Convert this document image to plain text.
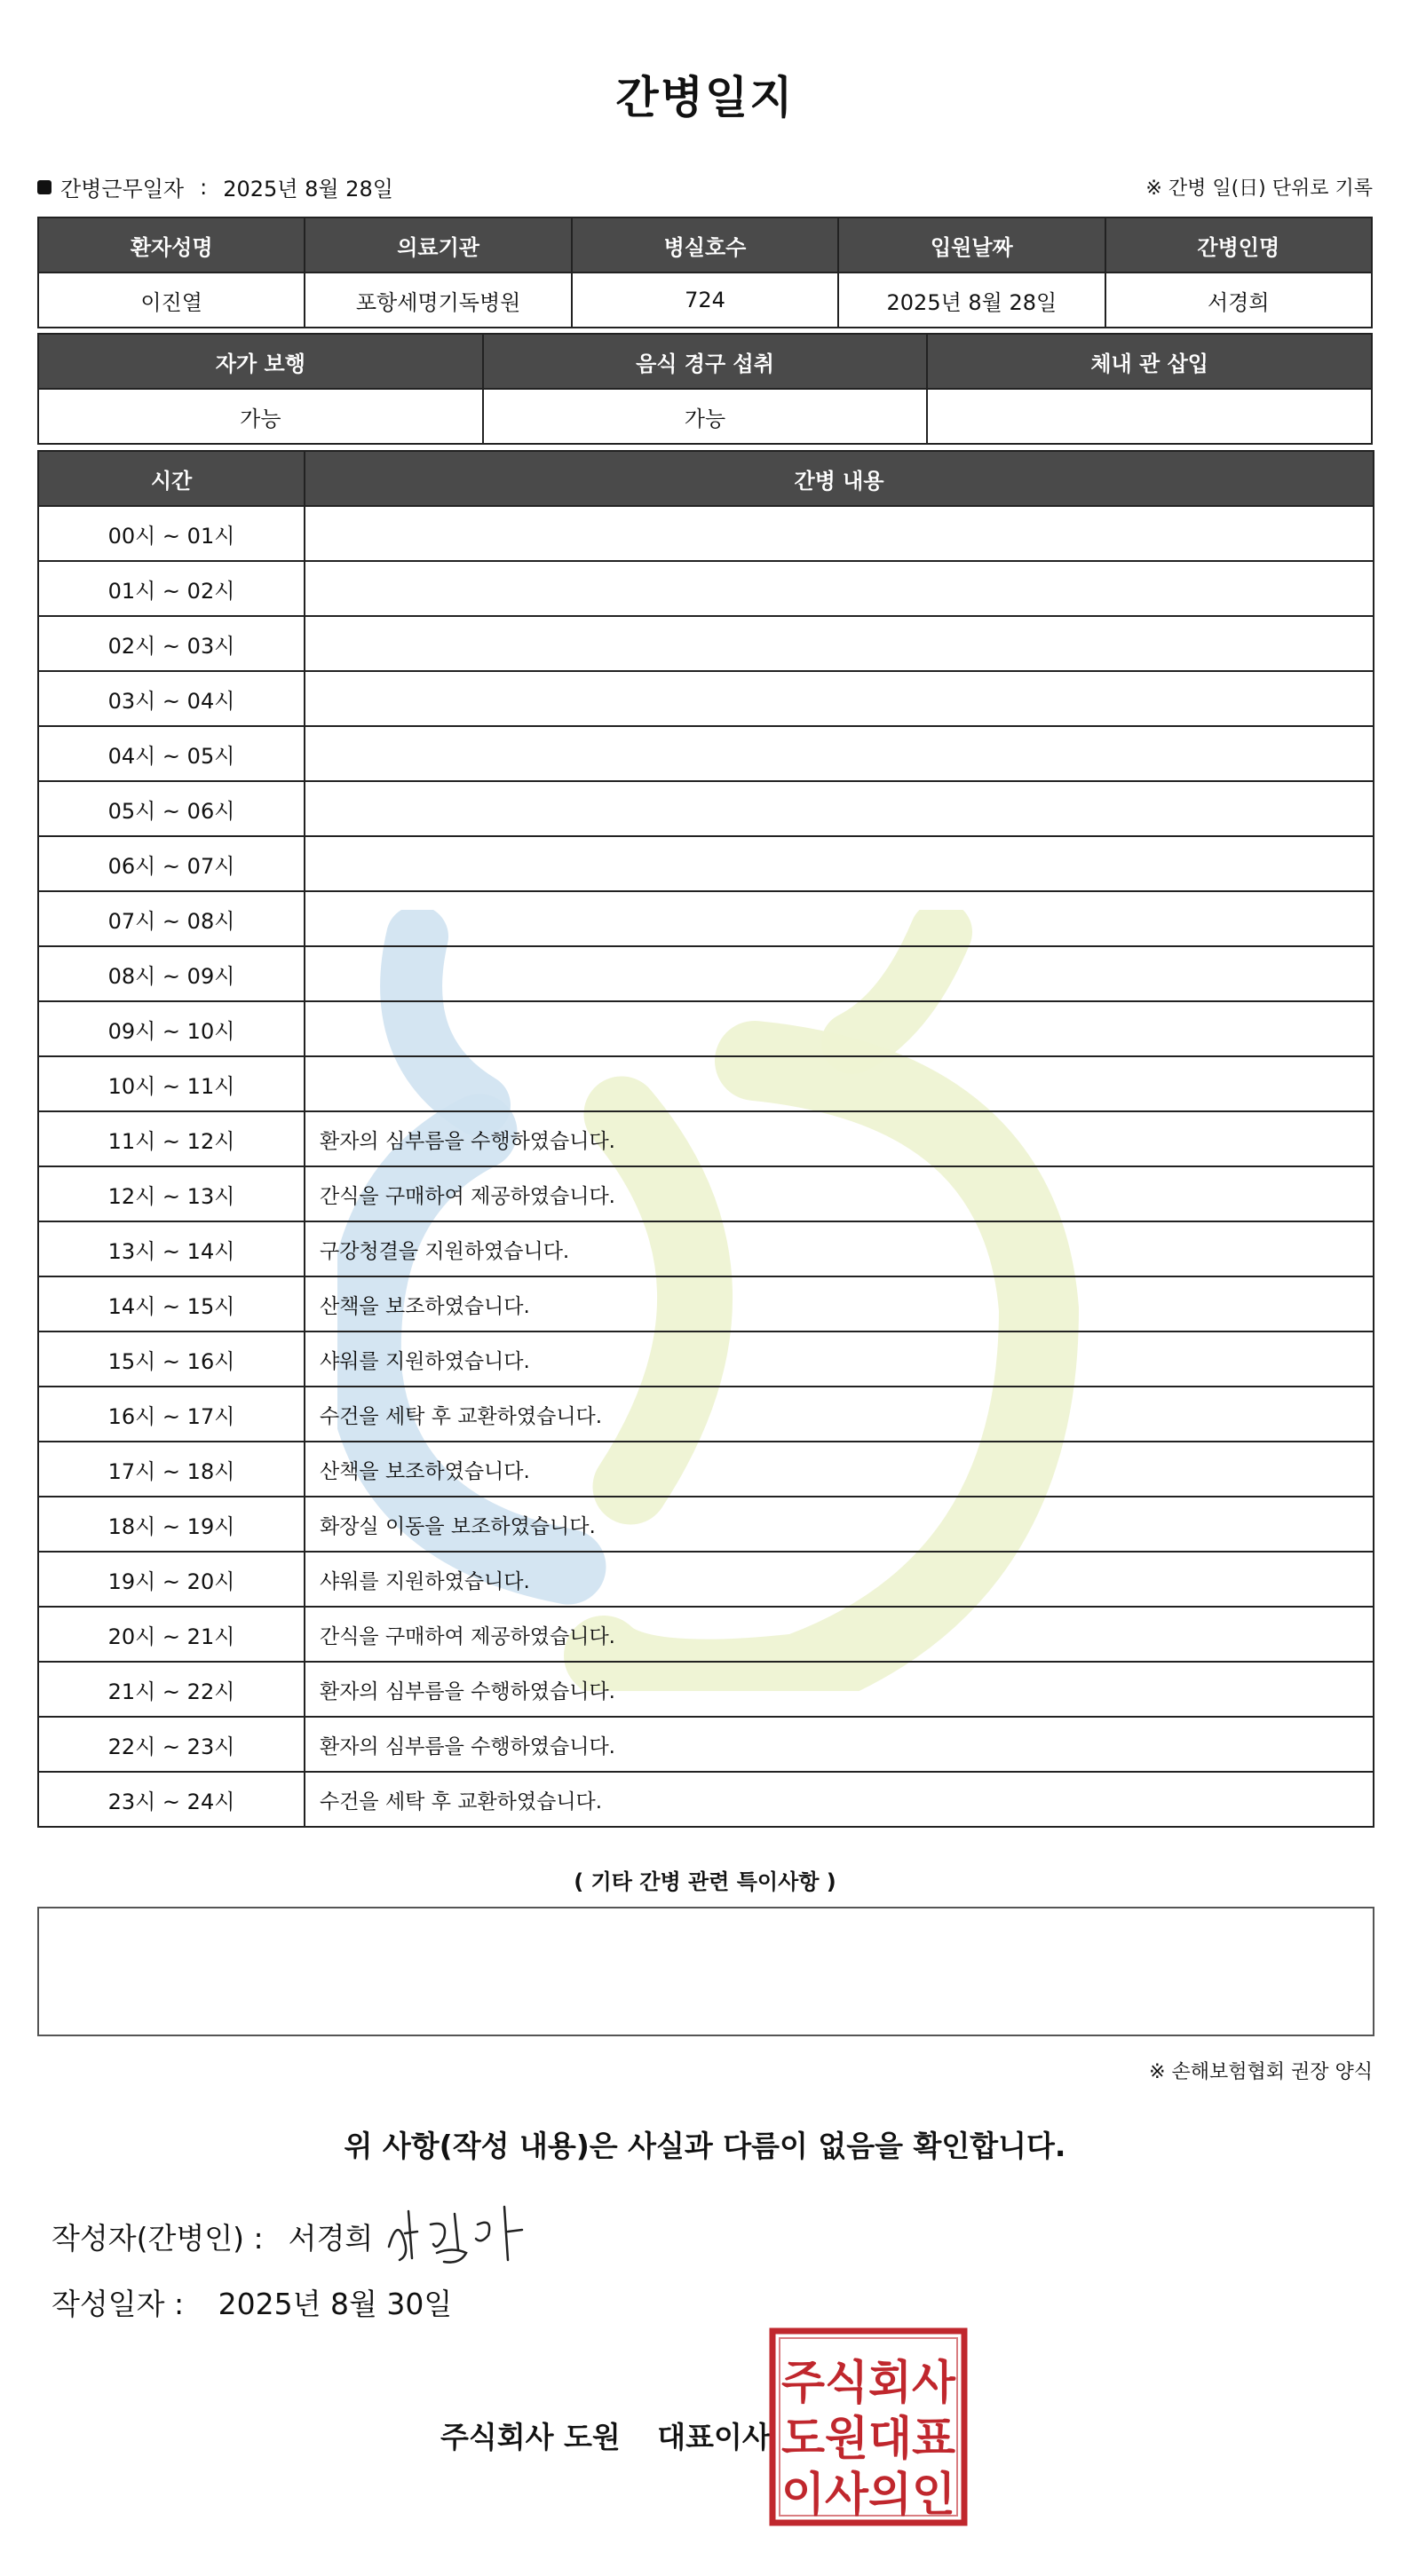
간병일지
간병근무일자 : 2025년 8월 28일	※ 간병 일(日) 단위로 기록
환자성명	의료기관	병실호수	입원날짜	간병인명
이진열	포항세명기독병원	724	2025년 8월 28일	서경희
자가 보행	음식 경구 섭취	체내 관 삽입
가능	가능	
시간	간병 내용
00시 ~ 01시	
01시 ~ 02시	
02시 ~ 03시	
03시 ~ 04시	
04시 ~ 05시	
05시 ~ 06시	
06시 ~ 07시	
07시 ~ 08시	
08시 ~ 09시	
09시 ~ 10시	
10시 ~ 11시	
11시 ~ 12시	환자의 심부름을 수행하였습니다.
12시 ~ 13시	간식을 구매하여 제공하였습니다.
13시 ~ 14시	구강청결을 지원하였습니다.
14시 ~ 15시	산책을 보조하였습니다.
15시 ~ 16시	샤워를 지원하였습니다.
16시 ~ 17시	수건을 세탁 후 교환하였습니다.
17시 ~ 18시	산책을 보조하였습니다.
18시 ~ 19시	화장실 이동을 보조하였습니다.
19시 ~ 20시	샤워를 지원하였습니다.
20시 ~ 21시	간식을 구매하여 제공하였습니다.
21시 ~ 22시	환자의 심부름을 수행하였습니다.
22시 ~ 23시	환자의 심부름을 수행하였습니다.
23시 ~ 24시	수건을 세탁 후 교환하였습니다.
( 기타 간병 관련 특이사항 )
※ 손해보험협회 권장 양식
위 사항(작성 내용)은 사실과 다름이 없음을 확인합니다.
작성자(간병인) : 서경희
작성일자 : 2025년 8월 30일
주식회사 도원 대표이사
주식회사
도원대표
이사의인
